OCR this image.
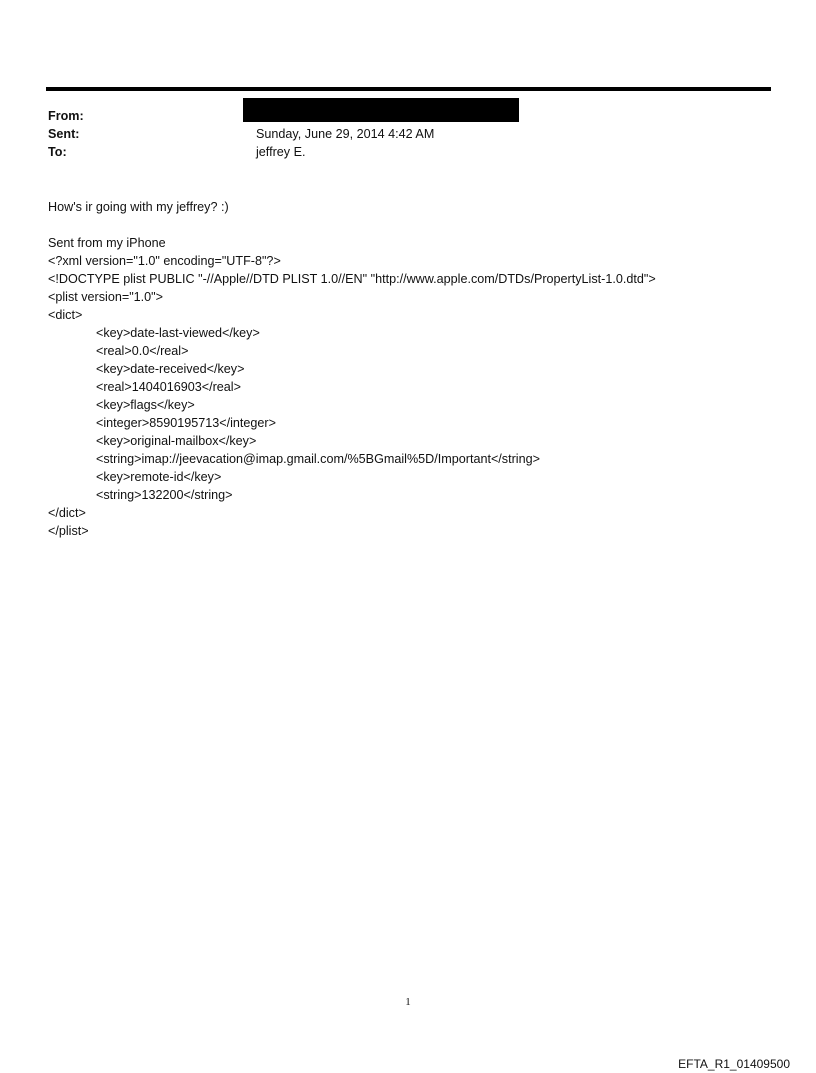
From:
Sent:	Sunday, June 29, 2014 4:42 AM
To:	jeffrey E.
How's ir going with my jeffrey? :)
Sent from my iPhone
<?xml version="1.0" encoding="UTF-8"?>
<!DOCTYPE plist PUBLIC "-//Apple//DTD PLIST 1.0//EN" "http://www.apple.com/DTDs/PropertyList-1.0.dtd">
<plist version="1.0">
<dict>
<key>date-last-viewed</key>
<real>0.0</real>
<key>date-received</key>
<real>1404016903</real>
<key>flags</key>
<integer>8590195713</integer>
<key>original-mailbox</key>
<string>imap://jeevacation@imap.gmail.com/%5BGmail%5D/Important</string>
<key>remote-id</key>
<string>132200</string>
</dict>
</plist>
1
EFTA_R1_01409500
